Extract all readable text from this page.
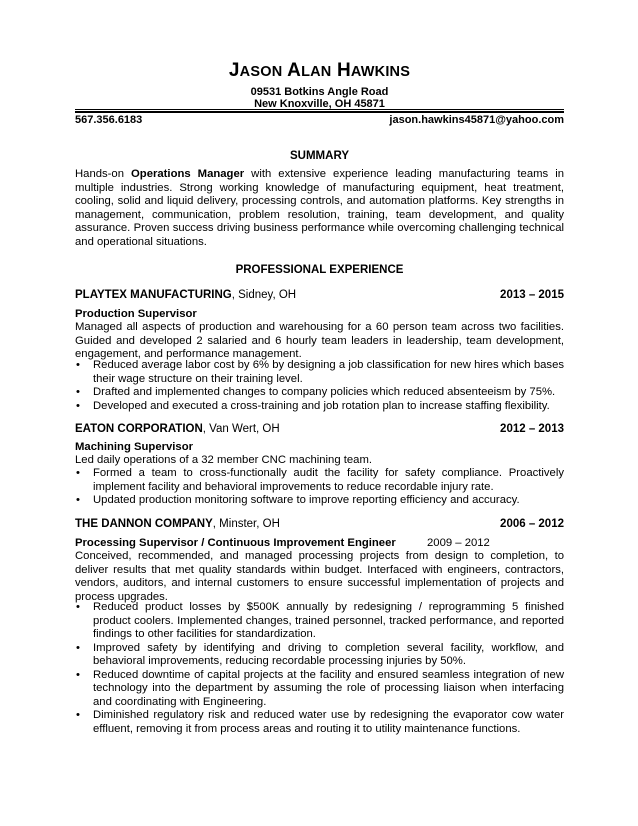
JASON ALAN HAWKINS
09531 Botkins Angle Road
New Knoxville, OH 45871
567.356.6183	jason.hawkins45871@yahoo.com
SUMMARY
Hands-on Operations Manager with extensive experience leading manufacturing teams in multiple industries. Strong working knowledge of manufacturing equipment, heat treatment, cooling, solid and liquid delivery, processing controls, and automation platforms. Key strengths in management, communication, problem resolution, training, team development, and quality assurance. Proven success driving business performance while overcoming challenging technical and operational situations.
PROFESSIONAL EXPERIENCE
PLAYTEX MANUFACTURING, Sidney, OH	2013 – 2015
Production Supervisor
Managed all aspects of production and warehousing for a 60 person team across two facilities. Guided and developed 2 salaried and 6 hourly team leaders in leadership, team development, engagement, and performance management.
• Reduced average labor cost by 6% by designing a job classification for new hires which bases their wage structure on their training level.
• Drafted and implemented changes to company policies which reduced absenteeism by 75%.
• Developed and executed a cross-training and job rotation plan to increase staffing flexibility.
EATON CORPORATION, Van Wert, OH	2012 – 2013
Machining Supervisor
Led daily operations of a 32 member CNC machining team.
• Formed a team to cross-functionally audit the facility for safety compliance. Proactively implement facility and behavioral improvements to reduce recordable injury rate.
• Updated production monitoring software to improve reporting efficiency and accuracy.
THE DANNON COMPANY, Minster, OH	2006 – 2012
Processing Supervisor / Continuous Improvement Engineer	2009 – 2012
Conceived, recommended, and managed processing projects from design to completion, to deliver results that met quality standards within budget. Interfaced with engineers, contractors, vendors, auditors, and internal customers to ensure successful implementation of projects and process upgrades.
• Reduced product losses by $500K annually by redesigning / reprogramming 5 finished product coolers. Implemented changes, trained personnel, tracked performance, and reported findings to other facilities for standardization.
• Improved safety by identifying and driving to completion several facility, workflow, and behavioral improvements, reducing recordable processing injuries by 50%.
• Reduced downtime of capital projects at the facility and ensured seamless integration of new technology into the department by assuming the role of processing liaison when interfacing and coordinating with Engineering.
• Diminished regulatory risk and reduced water use by redesigning the evaporator cow water effluent, removing it from process areas and routing it to utility maintenance functions.
